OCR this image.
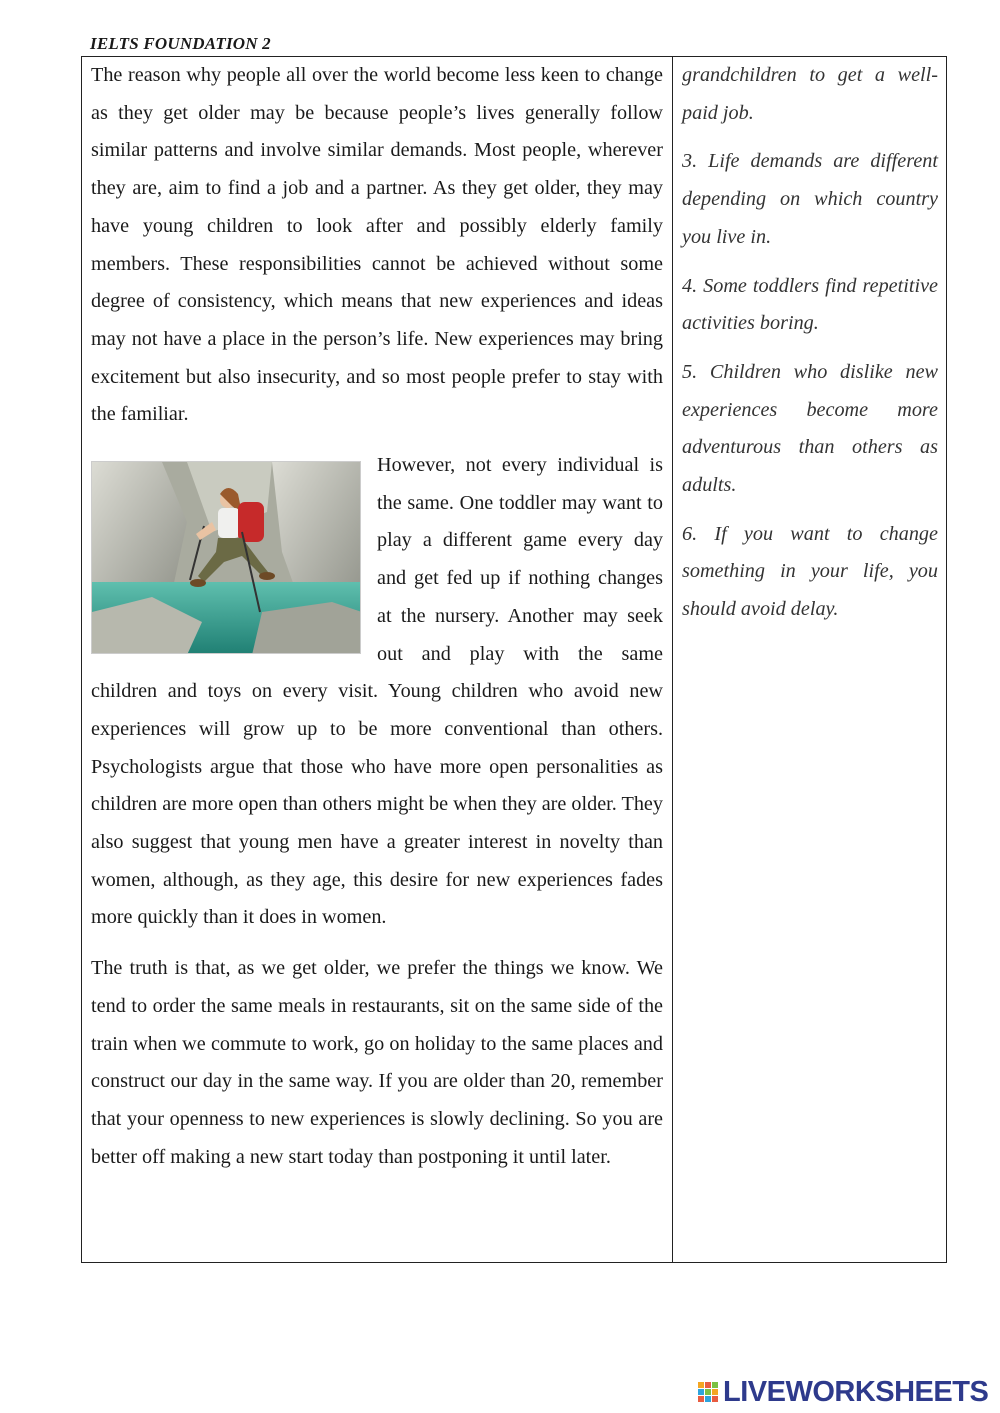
IELTS FOUNDATION 2

The reason why people all over the world become less keen to change as they get older may be because people’s lives generally follow similar patterns and involve similar demands. Most people, wherever they are, aim to find a job and a partner. As they get older, they may have young children to look after and possibly elderly family members. These responsibilities cannot be achieved without some degree of consistency, which means that new experiences and ideas may not have a place in the person’s life. New experiences may bring excitement but also insecurity, and so most people prefer to stay with the familiar.

However, not every individual is the same. One toddler may want to play a different game every day and get fed up if nothing changes at the nursery. Another may seek out and play with the same children and toys on every visit. Young children who avoid new experiences will grow up to be more conventional than others. Psychologists argue that those who have more open personalities as children are more open than others might be when they are older. They also suggest that young men have a greater interest in novelty than women, although, as they age, this desire for new experiences fades more quickly than it does in women.

The truth is that, as we get older, we prefer the things we know. We tend to order the same meals in restaurants, sit on the same side of the train when we commute to work, go on holiday to the same places and construct our day in the same way. If you are older than 20, remember that your openness to new experiences is slowly declining. So you are better off making a new start today than postponing it until later.

grandchildren to get a well-paid job.

3. Life demands are different depending on which country you live in.

4. Some toddlers find repetitive activities boring.

5. Children who dislike new experiences become more adventurous than others as adults.

6. If you want to change something in your life, you should avoid delay.

LIVEWORKSHEETS
